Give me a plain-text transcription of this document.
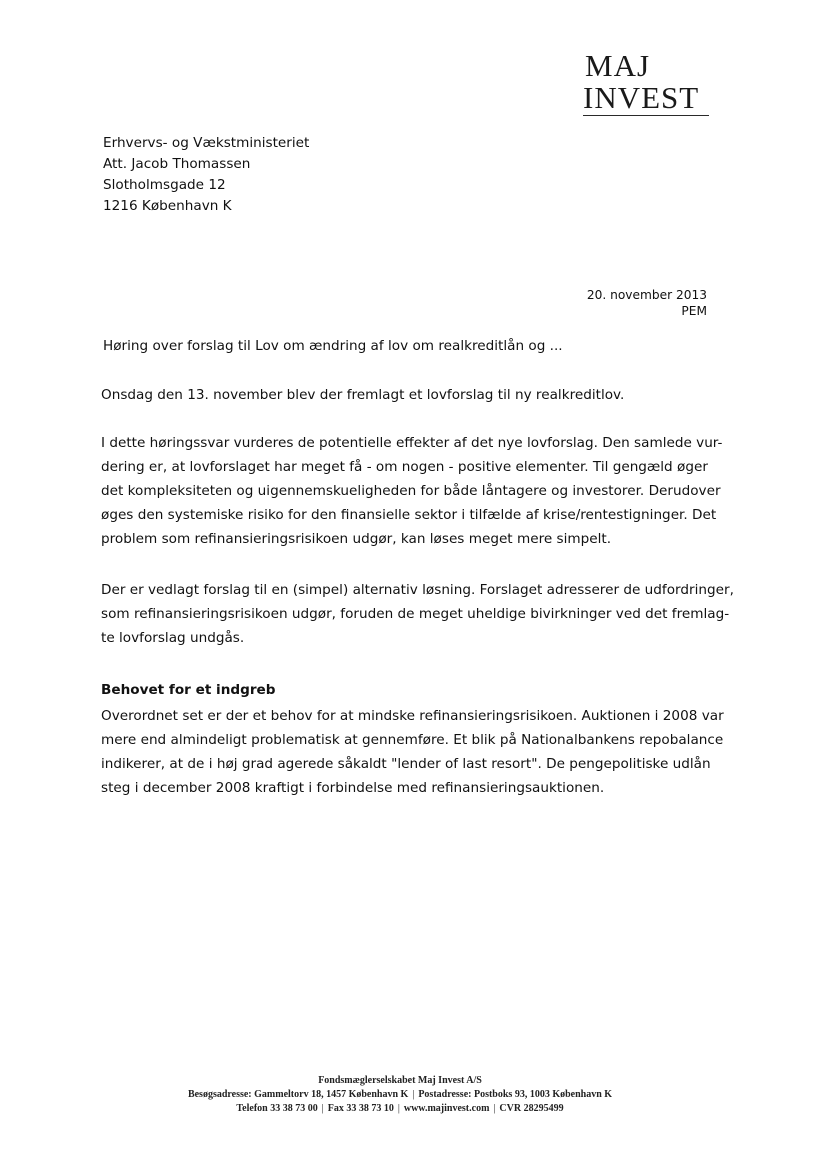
MAJ
INVEST
Erhvervs- og Vækstministeriet
Att. Jacob Thomassen
Slotholmsgade 12
1216 København K
20. november 2013
PEM
Høring over forslag til Lov om ændring af lov om realkreditlån og ...

Onsdag den 13. november blev der fremlagt et lovforslag til ny realkreditlov.

I dette høringssvar vurderes de potentielle effekter af det nye lovforslag. Den samlede vur-
dering er, at lovforslaget har meget få - om nogen - positive elementer. Til gengæld øger
det kompleksiteten og uigennemskueligheden for både låntagere og investorer. Derudover
øges den systemiske risiko for den finansielle sektor i tilfælde af krise/rentestigninger. Det
problem som refinansieringsrisikoen udgør, kan løses meget mere simpelt.

Der er vedlagt forslag til en (simpel) alternativ løsning. Forslaget adresserer de udfordringer,
som refinansieringsrisikoen udgør, foruden de meget uheldige bivirkninger ved det fremlag-
te lovforslag undgås.

Behovet for et indgreb

Overordnet set er der et behov for at mindske refinansieringsrisikoen. Auktionen i 2008 var
mere end almindeligt problematisk at gennemføre. Et blik på Nationalbankens repobalance
indikerer, at de i høj grad agerede såkaldt "lender of last resort". De pengepolitiske udlån
steg i december 2008 kraftigt i forbindelse med refinansieringsauktionen.

Fondsmæglerselskabet Maj Invest A/S
Besøgsadresse: Gammeltorv 18, 1457 København K | Postadresse: Postboks 93, 1003 København K
Telefon 33 38 73 00 | Fax 33 38 73 10 | www.majinvest.com | CVR 28295499
